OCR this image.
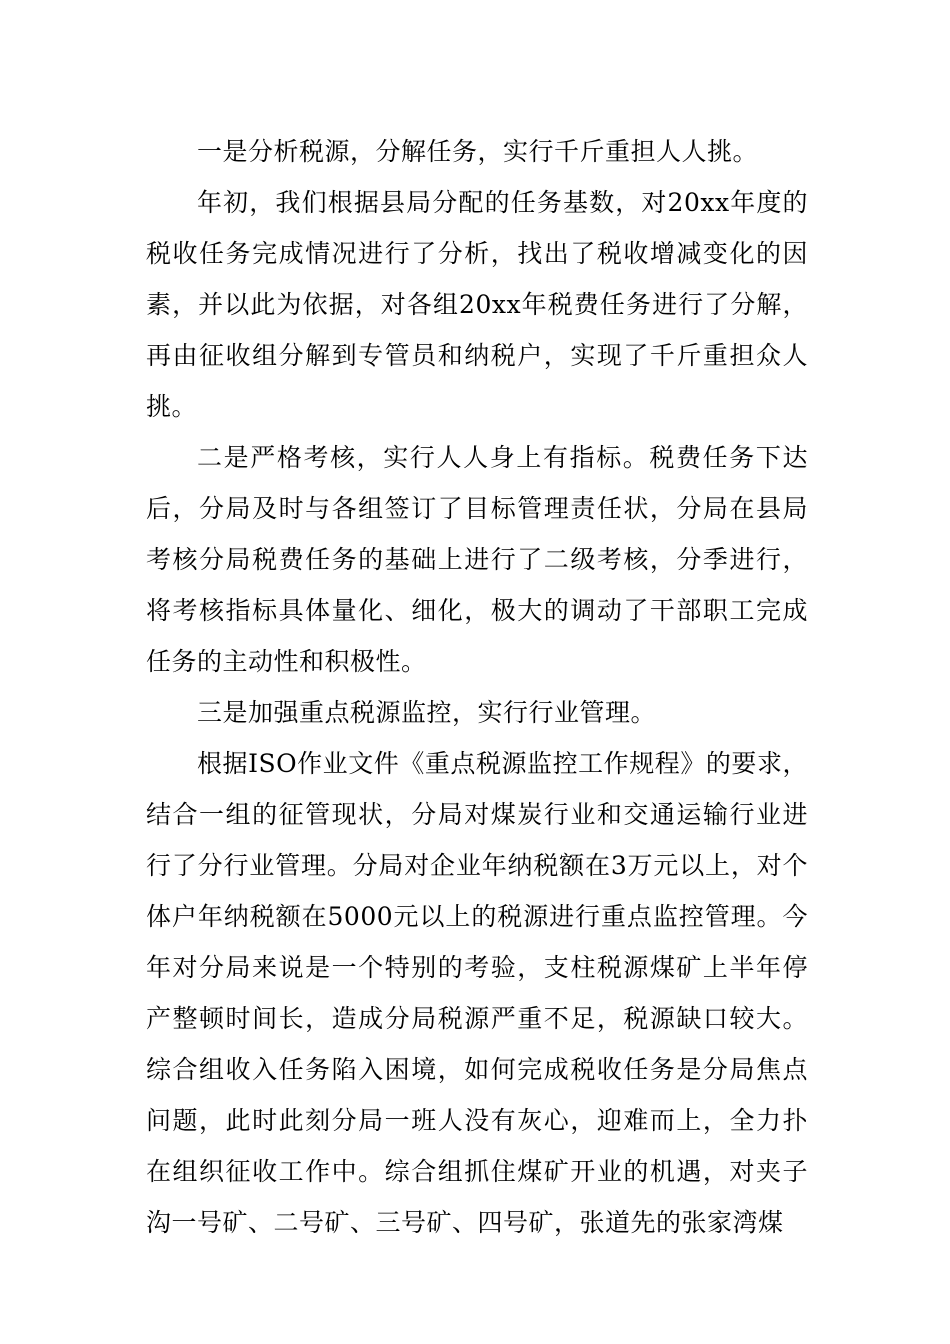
一是分析税源，分解任务，实行千斤重担人人挑。

年初，我们根据县局分配的任务基数，对20xx年度的税收任务完成情况进行了分析，找出了税收增减变化的因素，并以此为依据，对各组20xx年税费任务进行了分解，再由征收组分解到专管员和纳税户，实现了千斤重担众人挑。

二是严格考核，实行人人身上有指标。税费任务下达后，分局及时与各组签订了目标管理责任状，分局在县局考核分局税费任务的基础上进行了二级考核，分季进行，将考核指标具体量化、细化，极大的调动了干部职工完成任务的主动性和积极性。

三是加强重点税源监控，实行行业管理。

根据ISO作业文件《重点税源监控工作规程》的要求，结合一组的征管现状，分局对煤炭行业和交通运输行业进行了分行业管理。分局对企业年纳税额在3万元以上，对个体户年纳税额在5000元以上的税源进行重点监控管理。今年对分局来说是一个特别的考验，支柱税源煤矿上半年停产整顿时间长，造成分局税源严重不足，税源缺口较大。综合组收入任务陷入困境，如何完成税收任务是分局焦点问题，此时此刻分局一班人没有灰心，迎难而上，全力扑在组织征收工作中。综合组抓住煤矿开业的机遇，对夹子沟一号矿、二号矿、三号矿、四号矿，张道先的张家湾煤
